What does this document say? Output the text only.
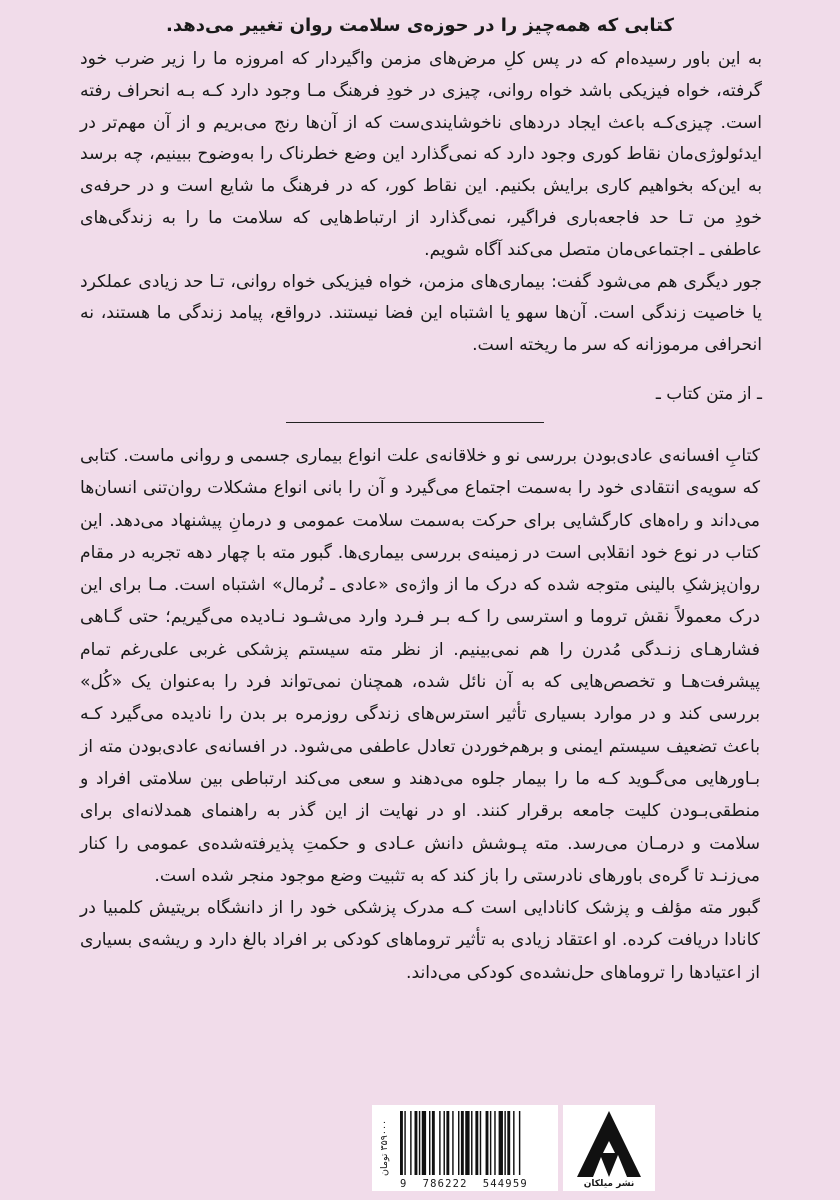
کتابی که همه‌چیز را در حوزه‌ی سلامت روان تغییر می‌دهد.

به این باور رسیده‌ام که در پس کلِ مرض‌های مزمن واگیردار که امروزه ما را زیر ضرب خود گرفته، خواه فیزیکی باشد خواه روانی، چیزی در خودِ فرهنگ مـا وجود دارد کـه بـه انحراف رفته است. چیزی‌کـه باعث ایجاد دردهای ناخوشایندی‌ست که از آن‌ها رنج می‌بریم و از آن مهم‌تر در ایدئولوژی‌مان نقاط کوری وجود دارد که نمی‌گذارد این وضع خطرناک را به‌وضوح ببینیم، چه برسد به این‌که بخواهیم کاری برایش بکنیم. این نقاط کور، که در فرهنگ ما شایع است و در حرفه‌ی خودِ من تـا حد فاجعه‌باری فراگیر، نمی‌گذارد از ارتباط‌هایی که سلامت ما را به زندگی‌های عاطفی ـ اجتماعی‌مان متصل می‌کند آگاه شویم.

جور دیگری هم می‌شود گفت: بیماری‌های مزمن، خواه فیزیکی خواه روانی، تـا حد زیادی عملکرد یا خاصیت زندگی است. آن‌ها سهو یا اشتباه این فضا نیستند. درواقع، پیامد زندگی ما هستند، نه انحرافی مرموزانه که سر ما ریخته است.

ـ از متن کتاب ـ

کتابِ افسانه‌ی عادی‌بودن بررسی نو و خلاقانه‌ی علت انواع بیماری جسمی و روانی ماست. کتابی که سویه‌ی انتقادی خود را به‌سمت اجتماع می‌گیرد و آن را بانی انواع مشکلات روان‌تنی انسان‌ها می‌داند و راه‌های کارگشایی برای حرکت به‌سمت سلامت عمومی و درمانِ پیشنهاد می‌دهد. این کتاب در نوع خود انقلابی است در زمینه‌ی بررسی بیماری‌ها. گبور مته با چهار دهه تجربه در مقام روان‌پزشکِ بالینی متوجه شده که درک ما از واژه‌ی «عادی ـ نُرمال» اشتباه است. مـا برای این درک معمولاً نقش تروما و استرسی را کـه بـر فـرد وارد می‌شـود نـادیده می‌گیریم؛ حتی گـاهی فشارهـای زنـدگی مُدرن را هم نمی‌بینیم. از نظر مته سیستم پزشکی غربی علی‌رغم تمام پیشرفت‌هـا و تخصص‌هایی که به آن نائل شده، همچنان نمی‌تواند فرد را به‌عنوان یک «کُل» بررسی کند و در موارد بسیاری تأثیر استرس‌های زندگی روزمره بر بدن را نادیده می‌گیرد کـه باعث تضعیف سیستم ایمنی و برهم‌خوردن تعادل عاطفی می‌شود. در افسانه‌ی عادی‌بودن مته از بـاورهایی می‌گـوید کـه ما را بیمار جلوه می‌دهند و سعی می‌کند ارتباطی بین سلامتی افراد و منطقی‌بـودن کلیت جامعه برقرار کنند. او در نهایت از این گذر به راهنمای همدلانه‌ای برای سلامت و درمـان می‌رسد. مته پـوشش دانش عـادی و حکمتِ پذیرفته‌شده‌ی عمومی را کنار می‌زنـد تا گره‌ی باورهای نادرستی را باز کند که به تثبیت وضع موجود منجر شده است.

گبور مته مؤلف و پزشک کانادایی است کـه مدرک پزشکی خود را از دانشگاه بریتیش کلمبیا در کانادا دریافت کرده. او اعتقاد زیادی به تأثیر تروماهای کودکی بر افراد بالغ دارد و ریشه‌ی بسیاری از اعتیادها را تروماهای حل‌نشده‌ی کودکی می‌داند.

نشر میلکان
۳۵۹۰۰۰ تومان
9  786222  544959
